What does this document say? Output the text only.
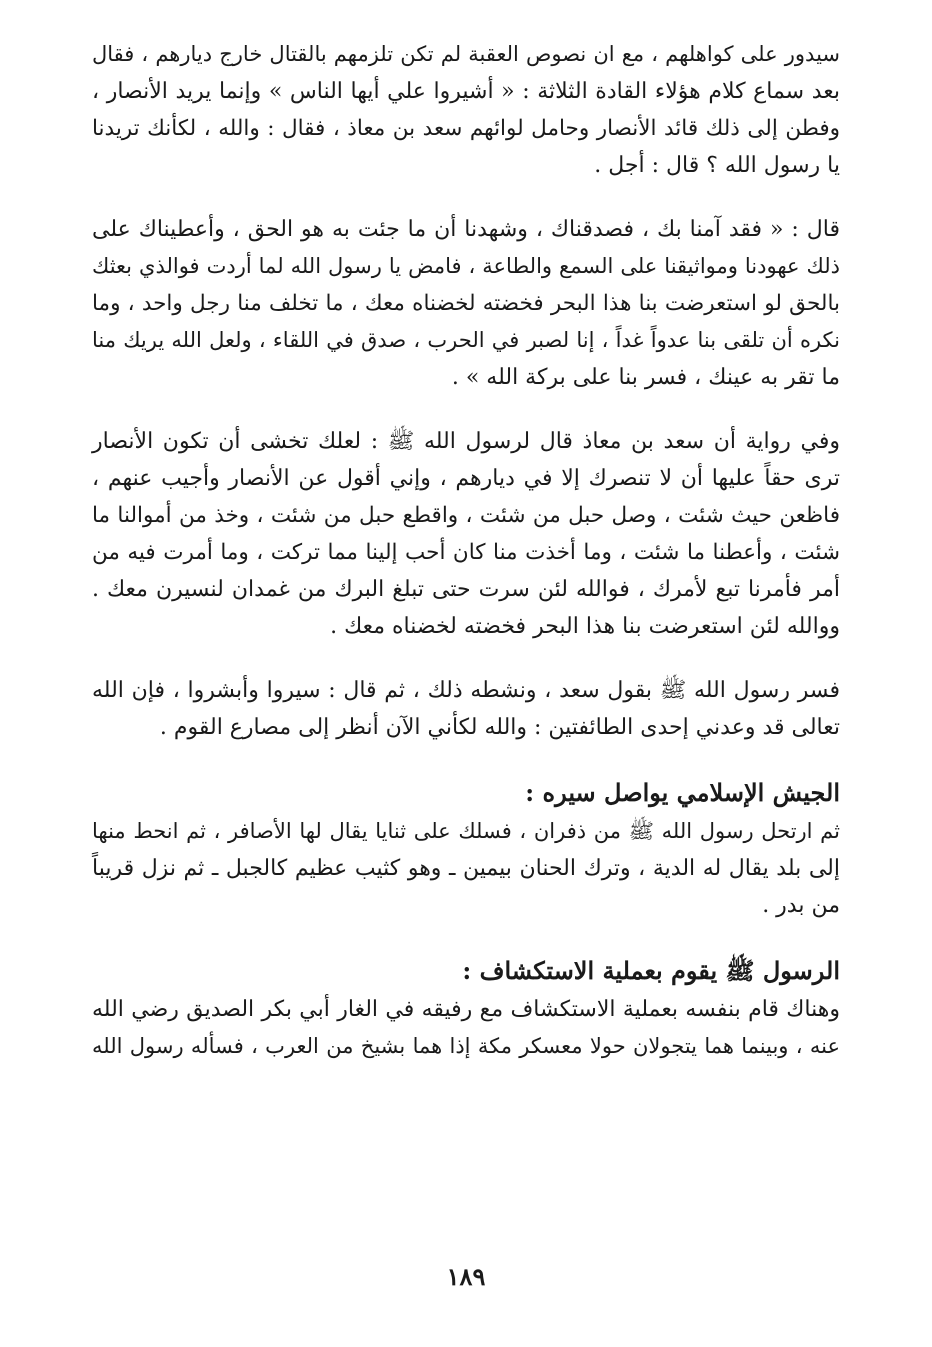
سيدور على كواهلهم ، مع ان نصوص العقبة لم تكن تلزمهم بالقتال خارج ديارهم ، فقال
بعد سماع كلام هؤلاء القادة الثلاثة : « أشيروا علي أيها الناس » وإنما يريد الأنصار ،
وفطن إلى ذلك قائد الأنصار وحامل لوائهم سعد بن معاذ ، فقال : والله ، لكأنك تريدنا
يا رسول الله ؟ قال : أجل .

قال : « فقد آمنا بك ، فصدقناك ، وشهدنا أن ما جئت به هو الحق ، وأعطيناك على
ذلك عهودنا ومواثيقنا على السمع والطاعة ، فامض يا رسول الله لما أردت فوالذي بعثك
بالحق لو استعرضت بنا هذا البحر فخضته لخضناه معك ، ما تخلف منا رجل واحد ، وما
نكره أن تلقى بنا عدواً غداً ، إنا لصبر في الحرب ، صدق في اللقاء ، ولعل الله يريك منا
ما تقر به عينك ، فسر بنا على بركة الله » .

وفي رواية أن سعد بن معاذ قال لرسول الله ﷺ : لعلك تخشى أن تكون الأنصار
ترى حقاً عليها أن لا تنصرك إلا في ديارهم ، وإني أقول عن الأنصار وأجيب عنهم ،
فاظعن حيث شئت ، وصل حبل من شئت ، واقطع حبل من شئت ، وخذ من أموالنا ما
شئت ، وأعطنا ما شئت ، وما أخذت منا كان أحب إلينا مما تركت ، وما أمرت فيه من
أمر فأمرنا تبع لأمرك ، فوالله لئن سرت حتى تبلغ البرك من غمدان لنسيرن معك .
ووالله لئن استعرضت بنا هذا البحر فخضته لخضناه معك .

فسر رسول الله ﷺ بقول سعد ، ونشطه ذلك ، ثم قال : سيروا وأبشروا ، فإن الله
تعالى قد وعدني إحدى الطائفتين : والله لكأني الآن أنظر إلى مصارع القوم .

الجيش الإسلامي يواصل سيره :

ثم ارتحل رسول الله ﷺ من ذفران ، فسلك على ثنايا يقال لها الأصافر ، ثم انحط منها
إلى بلد يقال له الدية ، وترك الحنان بيمين ـ وهو كثيب عظيم كالجبل ـ ثم نزل قريباً
من بدر .

الرسول ﷺ يقوم بعملية الاستكشاف :

وهناك قام بنفسه بعملية الاستكشاف مع رفيقه في الغار أبي بكر الصديق رضي الله
عنه ، وبينما هما يتجولان حولا معسكر مكة إذا هما بشيخ من العرب ، فسأله رسول الله

١٨٩
